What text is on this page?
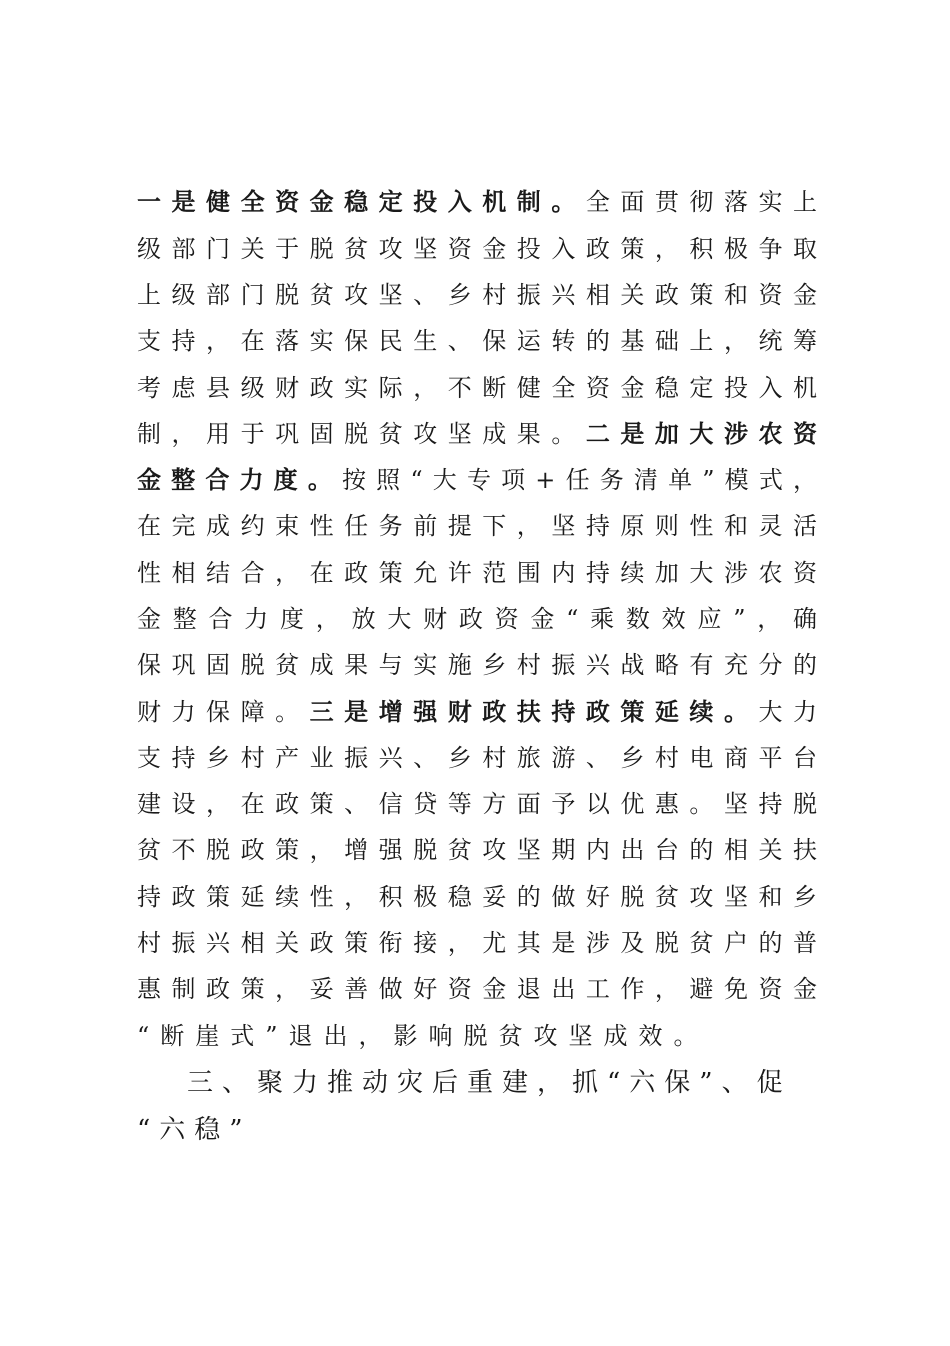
一是健全资金稳定投入机制。全面贯彻落实上
级部门关于脱贫攻坚资金投入政策，积极争取
上级部门脱贫攻坚、乡村振兴相关政策和资金
支持，在落实保民生、保运转的基础上，统筹
考虑县级财政实际，不断健全资金稳定投入机
制，用于巩固脱贫攻坚成果。二是加大涉农资
金整合力度。按照“大专项+任务清单”模式，
在完成约束性任务前提下，坚持原则性和灵活
性相结合，在政策允许范围内持续加大涉农资
金整合力度，放大财政资金“乘数效应”，确
保巩固脱贫成果与实施乡村振兴战略有充分的
财力保障。三是增强财政扶持政策延续。大力
支持乡村产业振兴、乡村旅游、乡村电商平台
建设，在政策、信贷等方面予以优惠。坚持脱
贫不脱政策，增强脱贫攻坚期内出台的相关扶
持政策延续性，积极稳妥的做好脱贫攻坚和乡
村振兴相关政策衔接，尤其是涉及脱贫户的普
惠制政策，妥善做好资金退出工作，避免资金
“断崖式”退出，影响脱贫攻坚成效。
三、聚力推动灾后重建，抓“六保”、促
“六稳”
